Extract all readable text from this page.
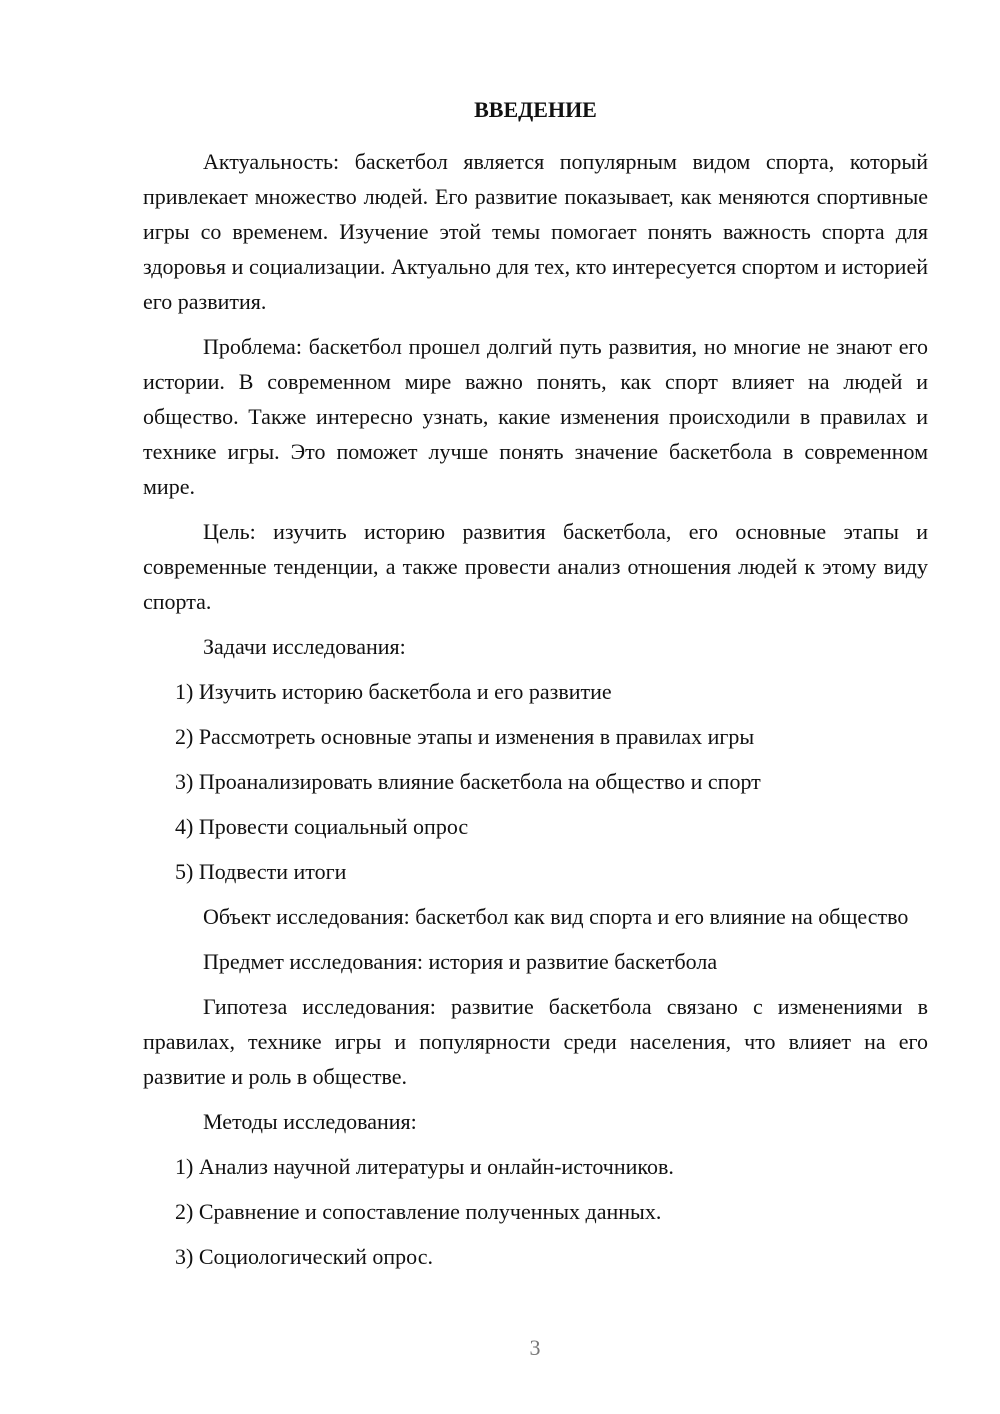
ВВЕДЕНИЕ

Актуальность: баскетбол является популярным видом спорта, который привлекает множество людей. Его развитие показывает, как меняются спортивные игры со временем. Изучение этой темы помогает понять важность спорта для здоровья и социализации. Актуально для тех, кто интересуется спортом и историей его развития.

Проблема: баскетбол прошел долгий путь развития, но многие не знают его истории. В современном мире важно понять, как спорт влияет на людей и общество. Также интересно узнать, какие изменения происходили в правилах и технике игры. Это поможет лучше понять значение баскетбола в современном мире.

Цель: изучить историю развития баскетбола, его основные этапы и современные тенденции, а также провести анализ отношения людей к этому виду спорта.

Задачи исследования:

1) Изучить историю баскетбола и его развитие

2) Рассмотреть основные этапы и изменения в правилах игры

3) Проанализировать влияние баскетбола на общество и спорт

4) Провести социальный опрос

5) Подвести итоги

Объект исследования: баскетбол как вид спорта и его влияние на общество

Предмет исследования: история и развитие баскетбола

Гипотеза исследования: развитие баскетбола связано с изменениями в правилах, технике игры и популярности среди населения, что влияет на его развитие и роль в обществе.

Методы исследования:

1) Анализ научной литературы и онлайн-источников.

2) Сравнение и сопоставление полученных данных.

3) Социологический опрос.

3
